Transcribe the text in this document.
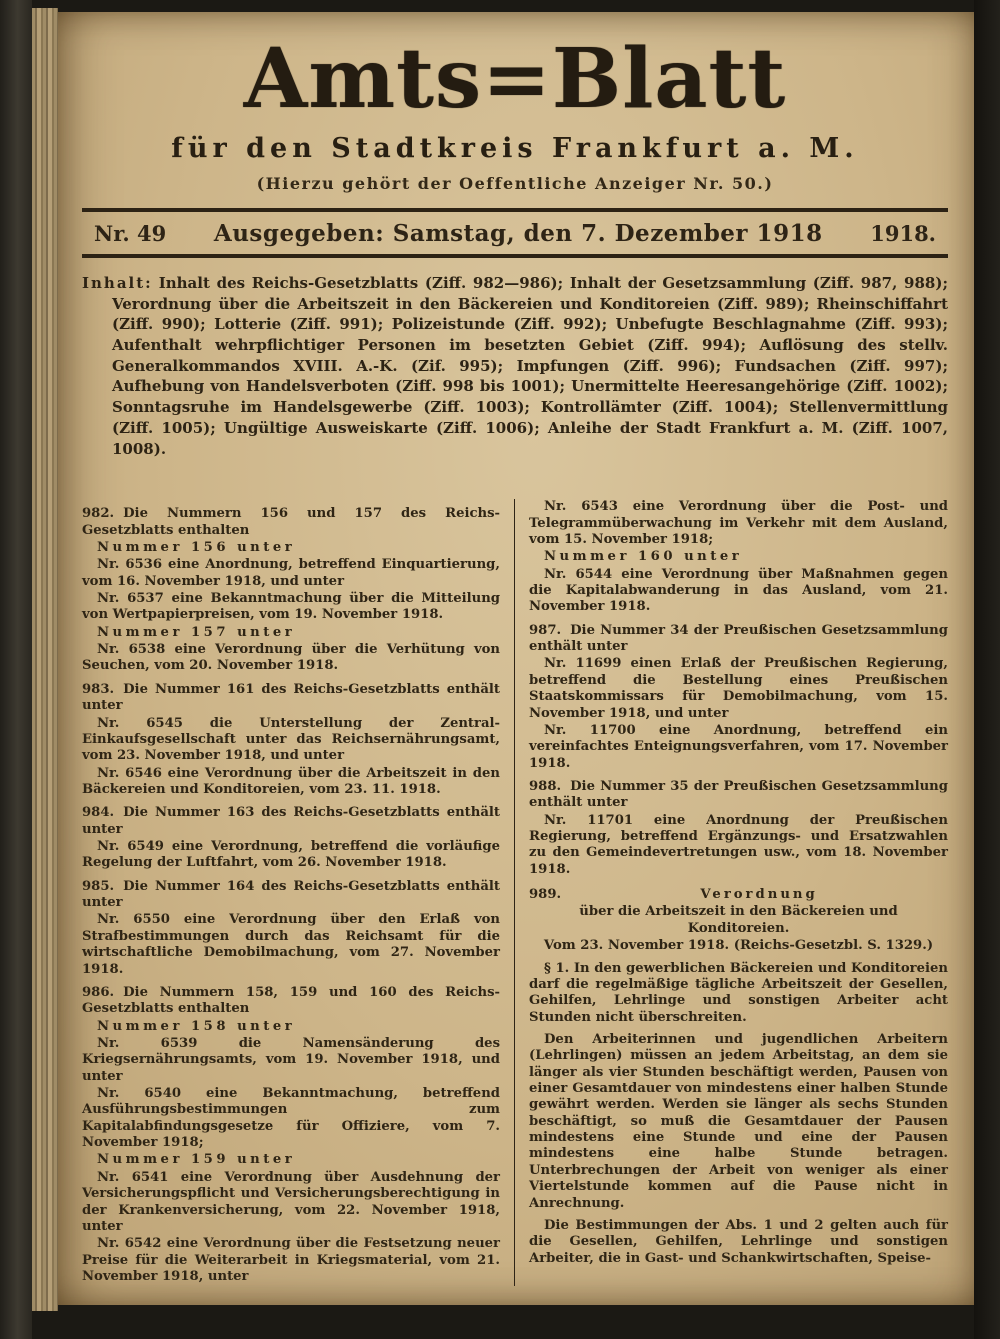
Amts=Blatt
für den Stadtkreis Frankfurt a. M.
(Hierzu gehört der Oeffentliche Anzeiger Nr. 50.)
Nr. 49	Ausgegeben: Samstag, den 7. Dezember 1918	1918.

Inhalt: Inhalt des Reichs-Gesetzblatts (Ziff. 982—986); Inhalt der Gesetzsammlung (Ziff. 987, 988); Verordnung über die Arbeitszeit in den Bäckereien und Konditoreien (Ziff. 989); Rheinschiffahrt (Ziff. 990); Lotterie (Ziff. 991); Polizeistunde (Ziff. 992); Unbefugte Beschlagnahme (Ziff. 993); Aufenthalt wehrpflichtiger Personen im besetzten Gebiet (Ziff. 994); Auflösung des stellv. Generalkommandos XVIII. A.-K. (Zif. 995); Impfungen (Ziff. 996); Fundsachen (Ziff. 997); Aufhebung von Handelsverboten (Ziff. 998 bis 1001); Unermittelte Heeresangehörige (Ziff. 1002); Sonntagsruhe im Handelsgewerbe (Ziff. 1003); Kontrollämter (Ziff. 1004); Stellenvermittlung (Ziff. 1005); Ungültige Ausweiskarte (Ziff. 1006); Anleihe der Stadt Frankfurt a. M. (Ziff. 1007, 1008).

982. Die Nummern 156 und 157 des Reichs-Gesetzblatts enthalten

Nummer 156 unter

Nr. 6536 eine Anordnung, betreffend Einquartierung, vom 16. November 1918, und unter

Nr. 6537 eine Bekanntmachung über die Mitteilung von Wertpapierpreisen, vom 19. November 1918.

Nummer 157 unter

Nr. 6538 eine Verordnung über die Verhütung von Seuchen, vom 20. November 1918.

983. Die Nummer 161 des Reichs-Gesetzblatts enthält unter

Nr. 6545 die Unterstellung der Zentral-Einkaufsgesellschaft unter das Reichsernährungsamt, vom 23. November 1918, und unter

Nr. 6546 eine Verordnung über die Arbeitszeit in den Bäckereien und Konditoreien, vom 23. 11. 1918.

984. Die Nummer 163 des Reichs-Gesetzblatts enthält unter

Nr. 6549 eine Verordnung, betreffend die vorläufige Regelung der Luftfahrt, vom 26. November 1918.

985. Die Nummer 164 des Reichs-Gesetzblatts enthält unter

Nr. 6550 eine Verordnung über den Erlaß von Strafbestimmungen durch das Reichsamt für die wirtschaftliche Demobilmachung, vom 27. November 1918.

986. Die Nummern 158, 159 und 160 des Reichs-Gesetzblatts enthalten

Nummer 158 unter

Nr. 6539 die Namensänderung des Kriegsernährungsamts, vom 19. November 1918, und unter

Nr. 6540 eine Bekanntmachung, betreffend Ausführungsbestimmungen zum Kapitalabfindungsgesetze für Offiziere, vom 7. November 1918;

Nummer 159 unter

Nr. 6541 eine Verordnung über Ausdehnung der Versicherungspflicht und Versicherungsberechtigung in der Krankenversicherung, vom 22. November 1918, unter

Nr. 6542 eine Verordnung über die Festsetzung neuer Preise für die Weiterarbeit in Kriegsmaterial, vom 21. November 1918, unter

Nr. 6543 eine Verordnung über die Post- und Telegrammüberwachung im Verkehr mit dem Ausland, vom 15. November 1918;

Nummer 160 unter

Nr. 6544 eine Verordnung über Maßnahmen gegen die Kapitalabwanderung in das Ausland, vom 21. November 1918.

987. Die Nummer 34 der Preußischen Gesetzsammlung enthält unter

Nr. 11699 einen Erlaß der Preußischen Regierung, betreffend die Bestellung eines Preußischen Staatskommissars für Demobilmachung, vom 15. November 1918, und unter

Nr. 11700 eine Anordnung, betreffend ein vereinfachtes Enteignungsverfahren, vom 17. November 1918.

988. Die Nummer 35 der Preußischen Gesetzsammlung enthält unter

Nr. 11701 eine Anordnung der Preußischen Regierung, betreffend Ergänzungs- und Ersatzwahlen zu den Gemeindevertretungen usw., vom 18. November 1918.

989.	Verordnung

über die Arbeitszeit in den Bäckereien und Konditoreien.

Vom 23. November 1918. (Reichs-Gesetzbl. S. 1329.)

§ 1. In den gewerblichen Bäckereien und Konditoreien darf die regelmäßige tägliche Arbeitszeit der Gesellen, Gehilfen, Lehrlinge und sonstigen Arbeiter acht Stunden nicht überschreiten.

Den Arbeiterinnen und jugendlichen Arbeitern (Lehrlingen) müssen an jedem Arbeitstag, an dem sie länger als vier Stunden beschäftigt werden, Pausen von einer Gesamtdauer von mindestens einer halben Stunde gewährt werden. Werden sie länger als sechs Stunden beschäftigt, so muß die Gesamtdauer der Pausen mindestens eine Stunde und eine der Pausen mindestens eine halbe Stunde betragen. Unterbrechungen der Arbeit von weniger als einer Viertelstunde kommen auf die Pause nicht in Anrechnung.

Die Bestimmungen der Abs. 1 und 2 gelten auch für die Gesellen, Gehilfen, Lehrlinge und sonstigen Arbeiter, die in Gast- und Schankwirtschaften, Speise-
